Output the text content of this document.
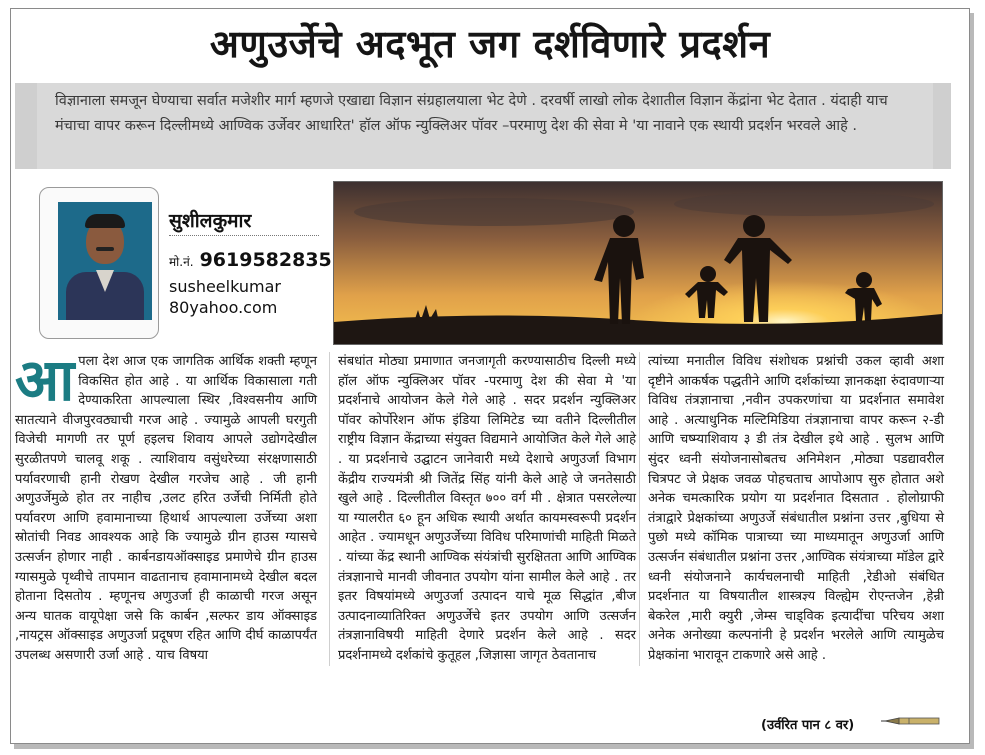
अणुउर्जेचे अदभूत जग दर्शविणारे प्रदर्शन
विज्ञानाला समजून घेण्याचा सर्वात मजेशीर मार्ग म्हणजे एखाद्या विज्ञान संग्रहालयाला भेट देणे . दरवर्षी लाखो लोक देशातील विज्ञान केंद्रांना भेट देतात . यंदाही याच मंचाचा वापर करून दिल्लीमध्ये आण्विक उर्जेवर आधारित' हॉल ऑफ न्युक्लिअर पॉवर –परमाणु देश की सेवा मे 'या नावाने एक स्थायी प्रदर्शन भरवले आहे .
सुशीलकुमार
मो.नं. 9619582835
susheelkumar
80yahoo.com
आपला देश आज एक जागतिक आर्थिक शक्ती म्हणून विकसित होत आहे . या आर्थिक विकासाला गती देण्याकरिता आपल्याला स्थिर ,विश्वसनीय आणि सातत्याने वीजपुरवठ्याची गरज आहे . ज्यामुळे आपली घरगुती विजेची मागणी तर पूर्ण हइलच शिवाय आपले उद्योगदेखील सुरळीतपणे चालवू शकू . त्याशिवाय वसुंधरेच्या संरक्षणासाठी पर्यावरणाची हानी रोखण देखील गरजेच आहे . जी हानी अणुउर्जेमुळे होत तर नाहीच ,उलट हरित उर्जेची निर्मिती होते पर्यावरण आणि हवामानाच्या हिथार्थ आपल्याला उर्जेच्या अशा स्रोतांची निवड आवश्यक आहे कि ज्यामुळे ग्रीन हाउस ग्यासचे उत्सर्जन होणार नाही . कार्बनडायऑक्साइड प्रमाणेचे ग्रीन हाउस ग्यासमुळे पृथ्वीचे तापमान वाढतानाच हवामानामध्ये देखील बदल होताना दिसतोय . म्हणूनच अणुउर्जा ही काळाची गरज असून अन्य घातक वायूपेक्षा जसे कि कार्बन ,सल्फर डाय ऑक्साइड ,नायट्रस ऑक्साइड अणुउर्जा प्रदूषण रहित आणि दीर्घ काळापर्यंत उपलब्ध असणारी उर्जा आहे . याच विषया
संबधांत मोठ्या प्रमाणात जनजागृती करण्यासाठीच दिल्ली मध्ये हॉल ऑफ न्युक्लिअर पॉवर -परमाणु देश की सेवा मे 'या प्रदर्शनाचे आयोजन केले गेले आहे . सदर प्रदर्शन न्युक्लिअर पॉवर कोर्पोरेशन ऑफ इंडिया लिमिटेड च्या वतीने दिल्लीतील राष्ट्रीय विज्ञान केंद्राच्या संयुक्त विद्यमाने आयोजित केले गेले आहे . या प्रदर्शनाचे उद्घाटन जानेवारी मध्ये देशाचे अणुउर्जा विभाग केंद्रीय राज्यमंत्री श्री जितेंद्र सिंह यांनी केले आहे जे जनतेसाठी खुले आहे . दिल्लीतील विस्तृत ७०० वर्ग मी . क्षेत्रात पसरलेल्या या ग्यालरीत ६० हून अधिक स्थायी अर्थात कायमस्वरूपी प्रदर्शन आहेत . ज्यामधून अणुउर्जेच्या विविध परिमाणांची माहिती मिळते . यांच्या केंद्र स्थानी आण्विक संयंत्रांची सुरक्षितता आणि आण्विक तंत्रज्ञानाचे मानवी जीवनात उपयोग यांना सामील केले आहे . तर इतर विषयांमध्ये अणुउर्जा उत्पादन याचे मूळ सिद्धांत ,बीज उत्पादनाव्यातिरिक्त अणुउर्जेचे इतर उपयोग आणि उत्सर्जन तंत्रज्ञानाविषयी माहिती देणारे प्रदर्शन केले आहे . सदर प्रदर्शनामध्ये दर्शकांचे कुतूहल ,जिज्ञासा जागृत ठेवतानाच
त्यांच्या मनातील विविध संशोधक प्रश्नांची उकल व्हावी अशा दृष्टीने आकर्षक पद्धतीने आणि दर्शकांच्या ज्ञानकक्षा रुंदावणाऱ्या विविध तंत्रज्ञानाचा ,नवीन उपकरणांचा या प्रदर्शनात समावेश आहे . अत्याधुनिक मल्टिमिडिया तंत्रज्ञानाचा वापर करून २-डी आणि चष्म्याशिवाय ३ डी तंत्र देखील इथे आहे . सुलभ आणि सुंदर ध्वनी संयोजनासोबतच अनिमेशन ,मोठ्या पडद्यावरील चित्रपट जे प्रेक्षक जवळ पोहचताच आपोआप सुरु होतात अशे अनेक चमत्कारिक प्रयोग या प्रदर्शनात दिसतात . होलोग्राफी तंत्राद्वारे प्रेक्षकांच्या अणुउर्जे संबंधातील प्रश्नांना उत्तर ,बुधिया से पुछो मध्ये कॉमिक पात्राच्या च्या माध्यमातून अणुउर्जा आणि उत्सर्जन संबंधातील प्रश्नांना उत्तर ,आण्विक संयंत्राच्या मॉडेल द्वारे ध्वनी संयोजनाने कार्यचलनाची माहिती ,रेडीओ संबंधित प्रदर्शनात या विषयातील शास्त्रज्ञ्य विल्ह्येम रोएन्तजेन ,हेन्री बेकरेल ,मारी क्युरी ,जेम्स चाड्विक इत्यादींचा परिचय अशा अनेक अनोख्या कल्पनांनी हे प्रदर्शन भरलेले आणि त्यामुळेच प्रेक्षकांना भारावून टाकणारे असे आहे .
(उर्वरित पान ८ वर)
